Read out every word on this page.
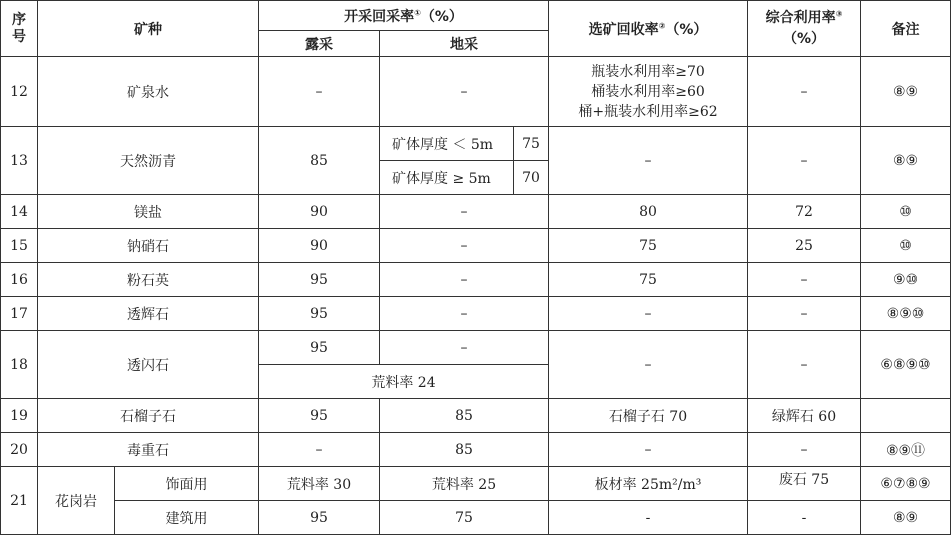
序号	矿种		开采回采率①（%）			选矿回收率②（%）	综合利用率③
（%）	备注
			露采	地采				
12	矿泉水		–	–		瓶装水利用率≥70
桶装水利用率≥60
桶+瓶装水利用率≥62	–	⑧⑨
13	天然沥青		85	矿体厚度 ＜ 5m	75	–	–	⑧⑨
				矿体厚度 ≥ 5m	70			
14	镁盐		90	–		80	72	⑩
15	钠硝石		90	–		75	25	⑩
16	粉石英		95	–		75	–	⑨⑩
17	透辉石		95	–		–	–	⑧⑨⑩
18	透闪石		95	–		–	–	⑥⑧⑨⑩
			荒料率 24					
19	石榴子石		95	85		石榴子石 70	绿辉石 60	
20	毒重石		–	85		–	–	⑧⑨⑪
21	花岗岩	饰面用	荒料率 30	荒料率 25		板材率 25m²/m³	废石 75	⑥⑦⑧⑨
		建筑用	95	75		-	-	⑧⑨
